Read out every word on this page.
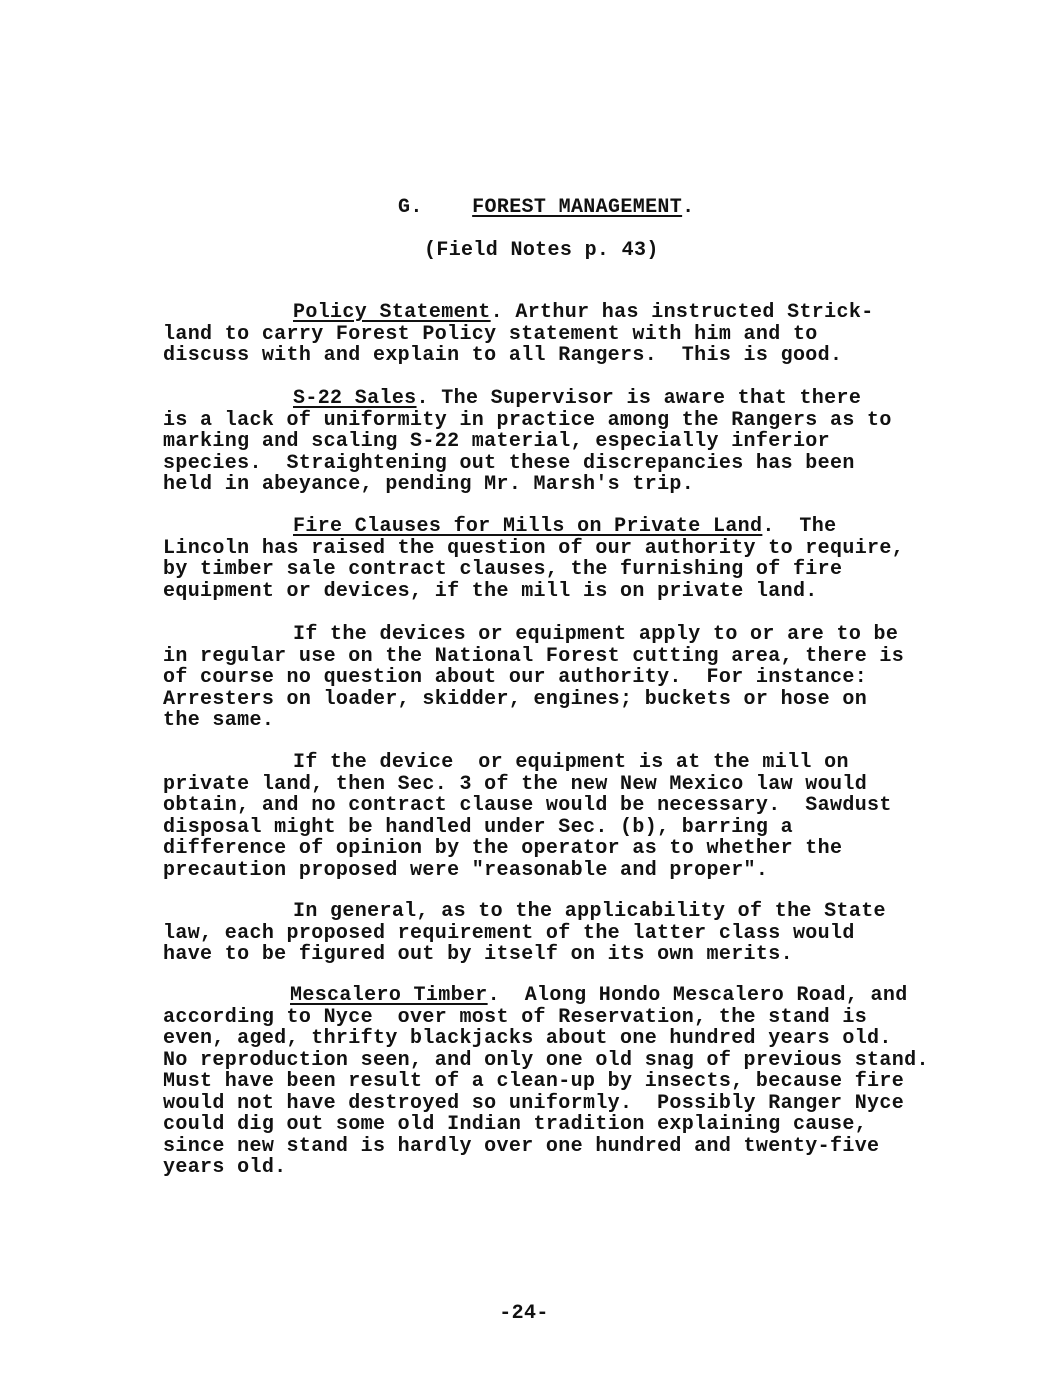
G. FOREST MANAGEMENT.
(Field Notes p. 43)
Policy Statement. Arthur has instructed Strick-
land to carry Forest Policy statement with him and to
discuss with and explain to all Rangers.  This is good.
S-22 Sales. The Supervisor is aware that there
is a lack of uniformity in practice among the Rangers as to
marking and scaling S-22 material, especially inferior
species.  Straightening out these discrepancies has been
held in abeyance, pending Mr. Marsh's trip.
Fire Clauses for Mills on Private Land.  The
Lincoln has raised the question of our authority to require,
by timber sale contract clauses, the furnishing of fire
equipment or devices, if the mill is on private land.
If the devices or equipment apply to or are to be
in regular use on the National Forest cutting area, there is
of course no question about our authority.  For instance:
Arresters on loader, skidder, engines; buckets or hose on
the same.
If the device  or equipment is at the mill on
private land, then Sec. 3 of the new New Mexico law would
obtain, and no contract clause would be necessary.  Sawdust
disposal might be handled under Sec. (b), barring a
difference of opinion by the operator as to whether the
precaution proposed were "reasonable and proper".
In general, as to the applicability of the State
law, each proposed requirement of the latter class would
have to be figured out by itself on its own merits.
Mescalero Timber.  Along Hondo Mescalero Road, and
according to Nyce  over most of Reservation, the stand is
even, aged, thrifty blackjacks about one hundred years old.
No reproduction seen, and only one old snag of previous stand.
Must have been result of a clean-up by insects, because fire
would not have destroyed so uniformly.  Possibly Ranger Nyce
could dig out some old Indian tradition explaining cause,
since new stand is hardly over one hundred and twenty-five
years old.
-24-
